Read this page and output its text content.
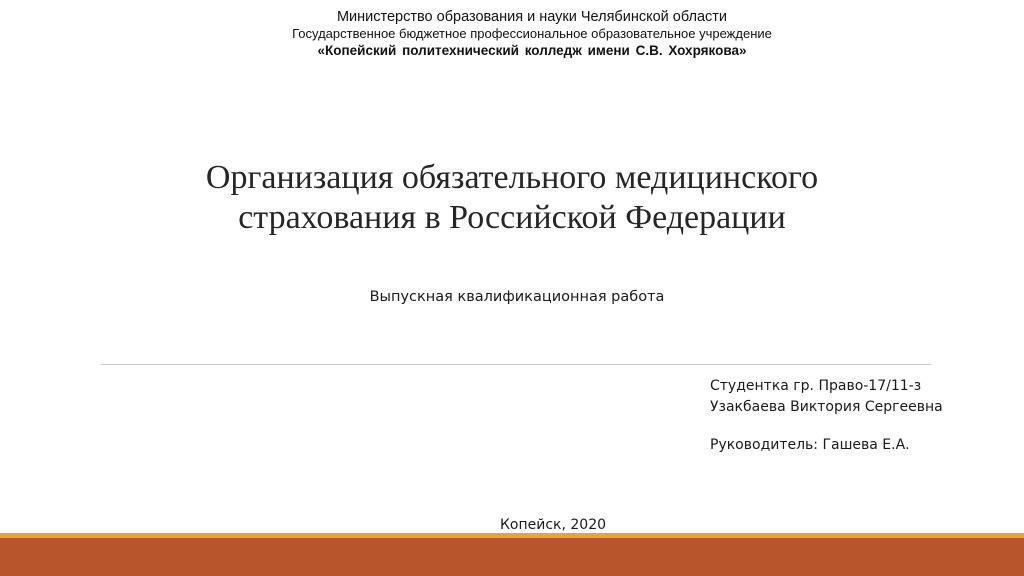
Министерство образования и науки Челябинской области
Государственное бюджетное профессиональное образовательное учреждение
«Копейский политехнический колледж имени С.В. Хохрякова»
Организация обязательного медицинского
страхования в Российской Федерации
Выпускная квалификационная работа
Студентка гр. Право-17/11-з
Узакбаева Виктория Сергеевна
Руководитель: Гашева Е.А.
Копейск, 2020
